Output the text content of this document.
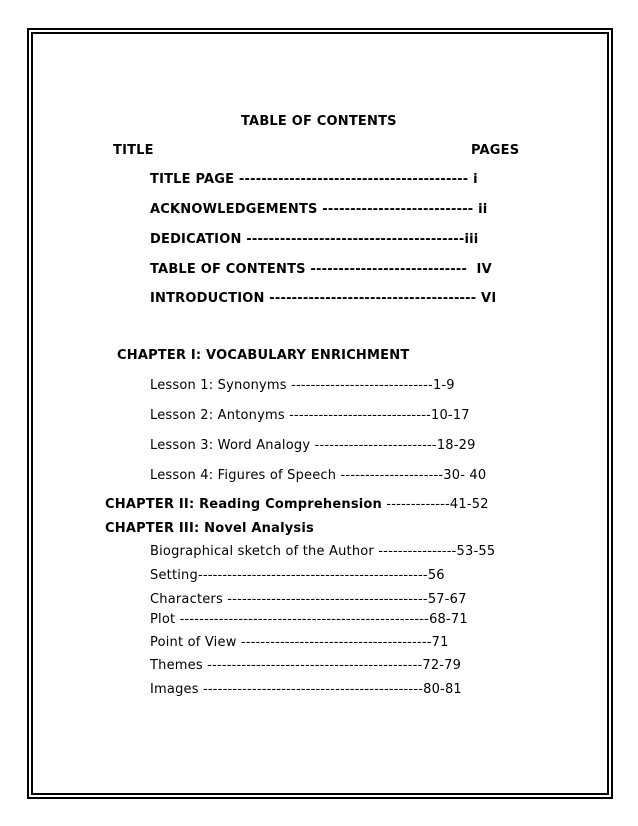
TABLE OF CONTENTS
TITLE	PAGES
TITLE PAGE ----------------------------------------- i
ACKNOWLEDGEMENTS --------------------------- ii
DEDICATION ---------------------------------------iii
TABLE OF CONTENTS ----------------------------  IV
INTRODUCTION ------------------------------------- VI
CHAPTER I: VOCABULARY ENRICHMENT
Lesson 1: Synonyms -----------------------------1-9
Lesson 2: Antonyms -----------------------------10-17
Lesson 3: Word Analogy -------------------------18-29
Lesson 4: Figures of Speech ---------------------30- 40
CHAPTER II: Reading Comprehension -------------41-52
CHAPTER III: Novel Analysis
Biographical sketch of the Author ----------------53-55
Setting-----------------------------------------------56
Characters -----------------------------------------57-67
Plot ---------------------------------------------------68-71
Point of View ---------------------------------------71
Themes --------------------------------------------72-79
Images ---------------------------------------------80-81
